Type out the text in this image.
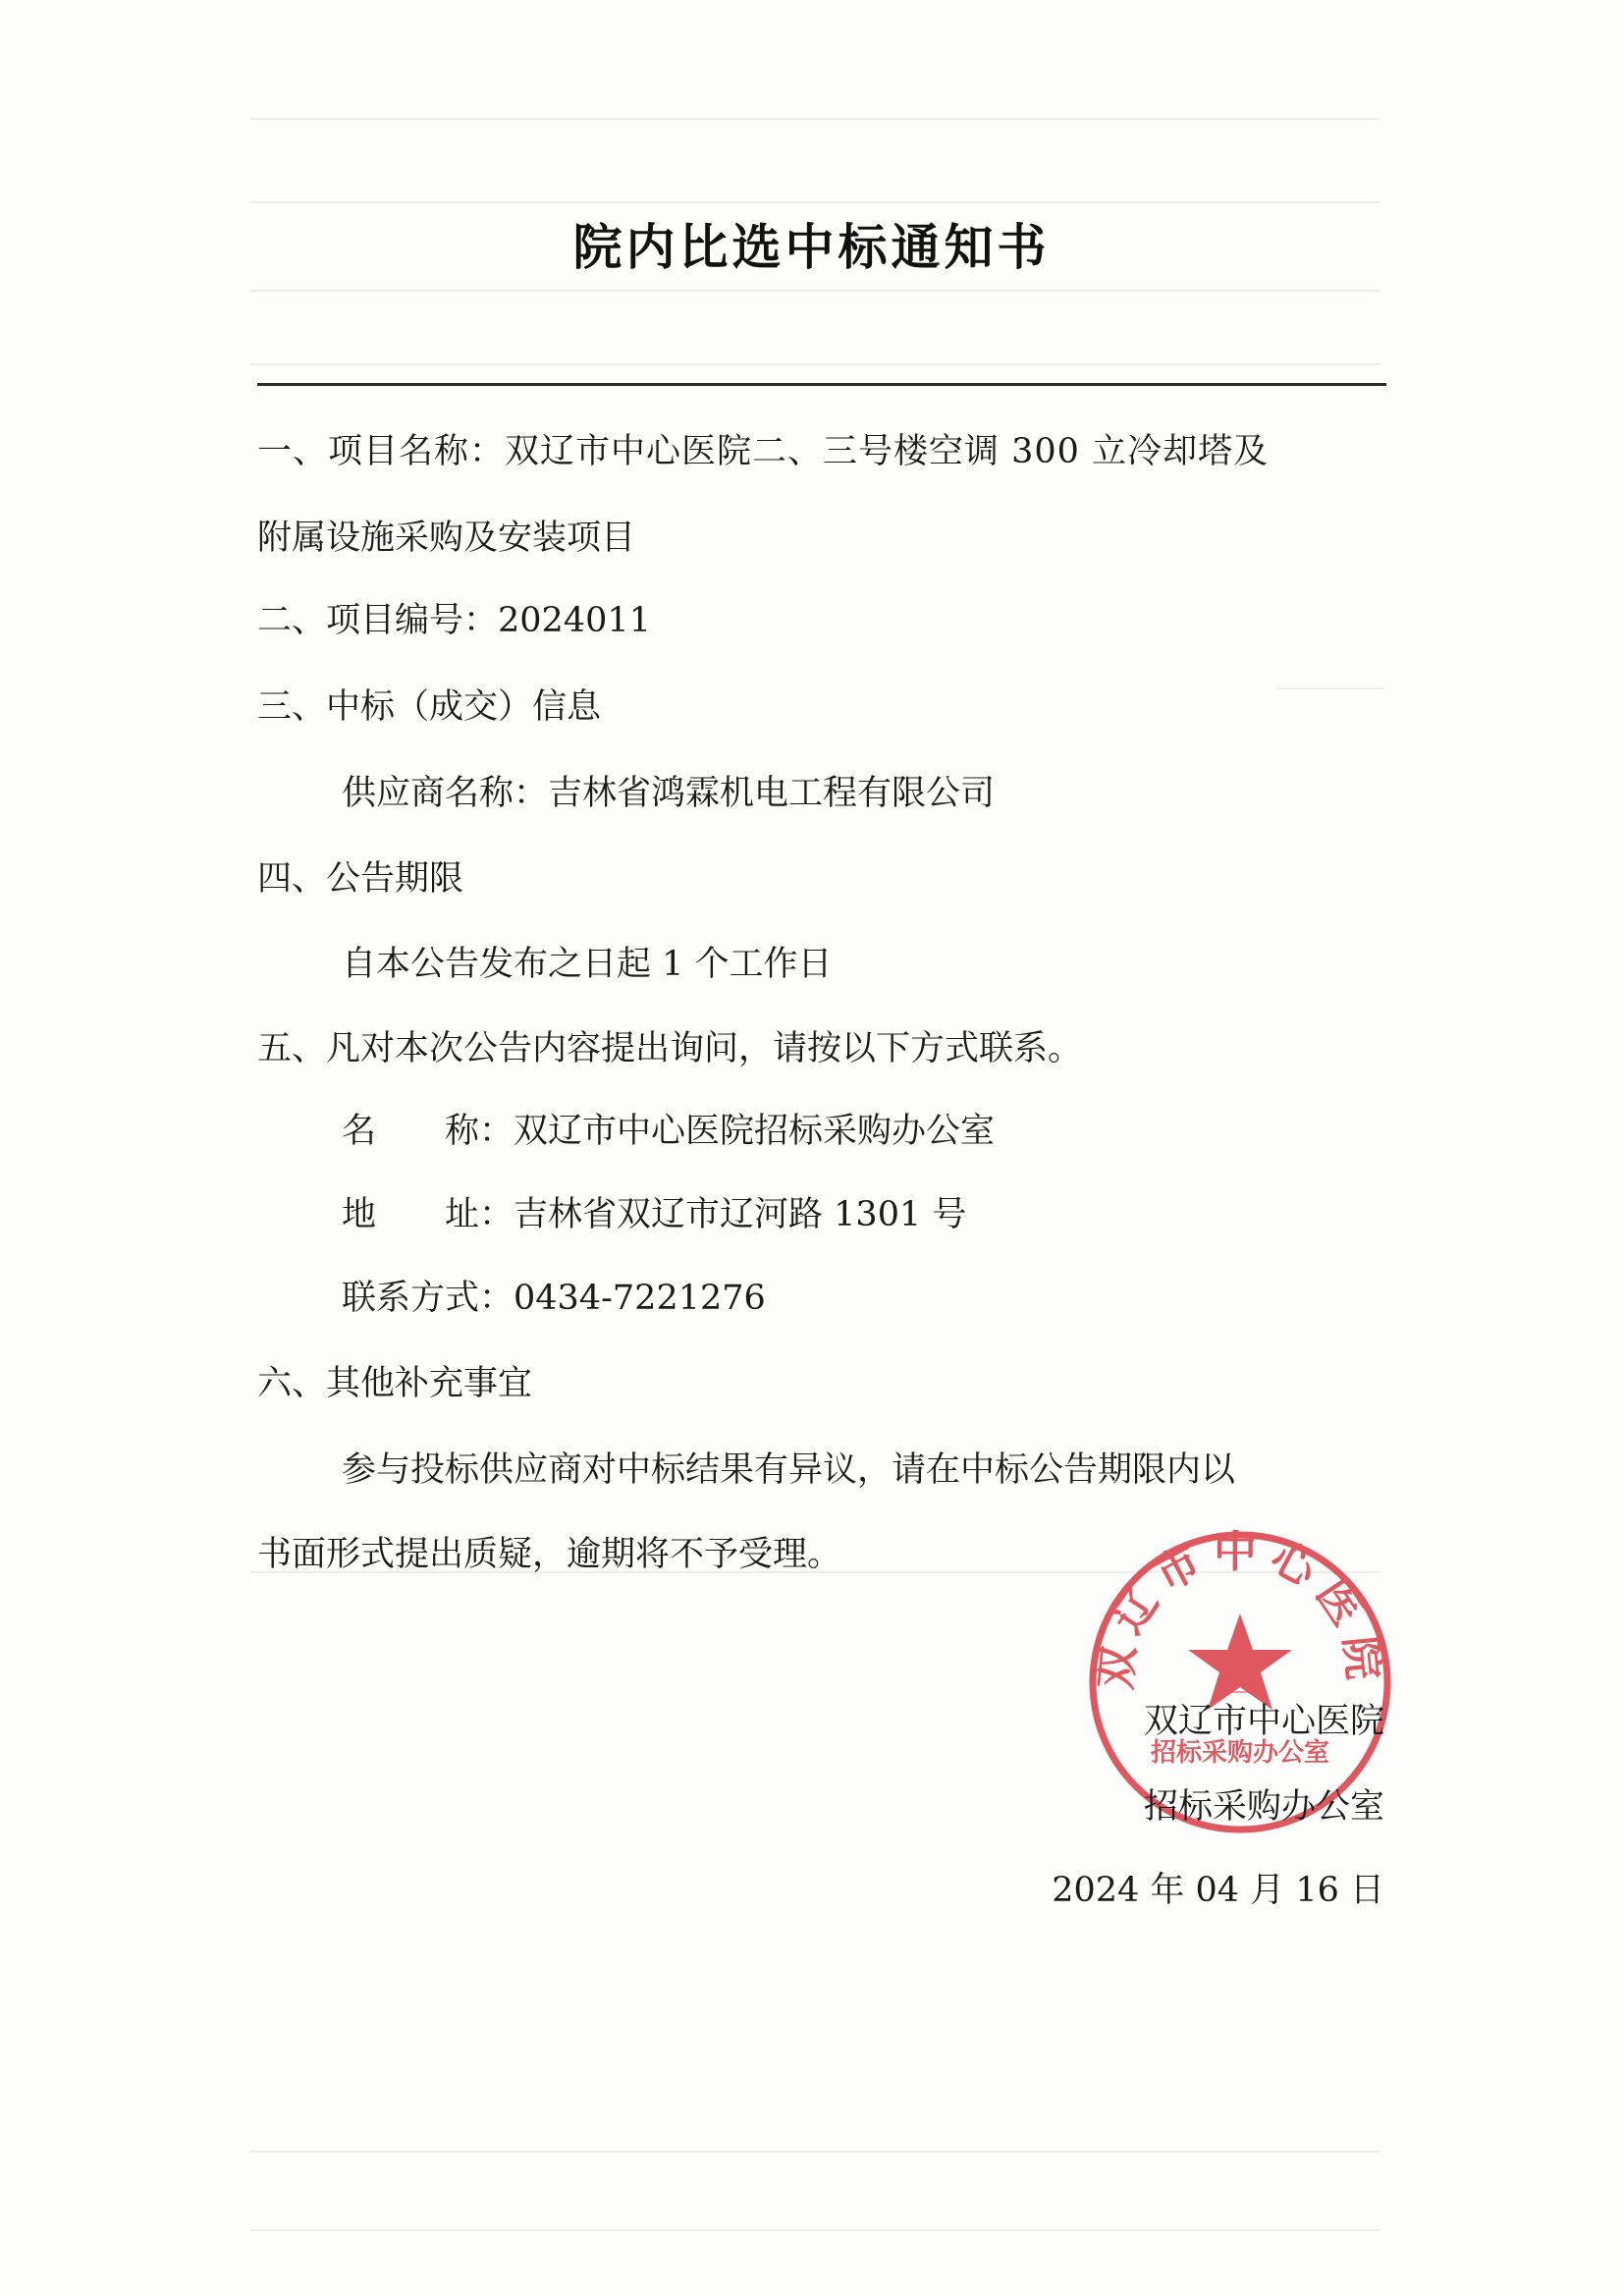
院内比选中标通知书
一、项目名称：双辽市中心医院二、三号楼空调 300 立冷却塔及
附属设施采购及安装项目
二、项目编号：2024011
三、中标（成交）信息
供应商名称：吉林省鸿霖机电工程有限公司
四、公告期限
自本公告发布之日起 1 个工作日
五、凡对本次公告内容提出询问，请按以下方式联系。
名 称：双辽市中心医院招标采购办公室
地 址：吉林省双辽市辽河路 1301 号
联系方式：0434-7221276
六、其他补充事宜
参与投标供应商对中标结果有异议，请在中标公告期限内以
书面形式提出质疑，逾期将不予受理。
双辽市中心医院
招标采购办公室
双辽市中心医院
招标采购办公室
2024 年 04 月 16 日
